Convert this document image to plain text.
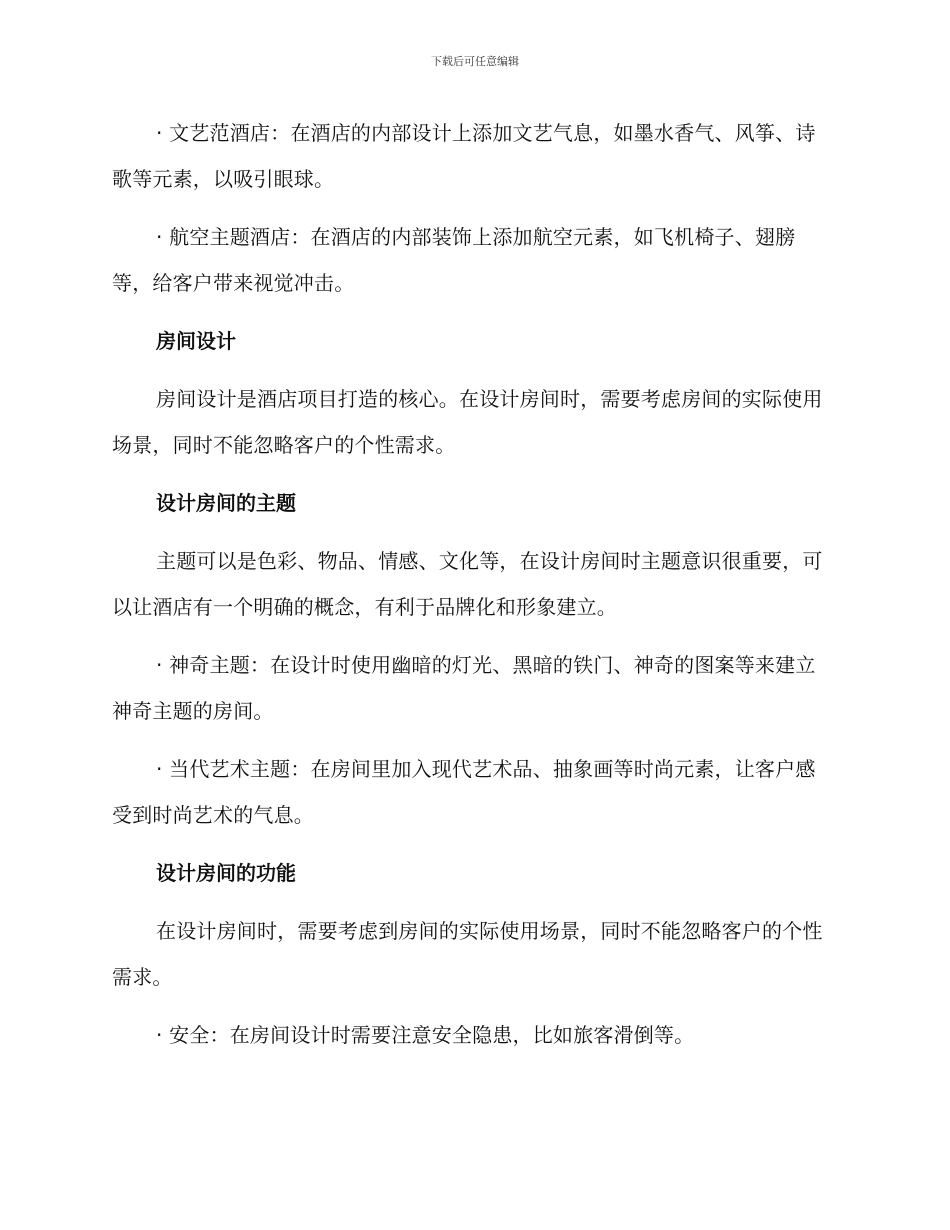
下载后可任意编辑

· 文艺范酒店：在酒店的内部设计上添加文艺气息，如墨水香气、风筝、诗歌等元素，以吸引眼球。

· 航空主题酒店：在酒店的内部装饰上添加航空元素，如飞机椅子、翅膀等，给客户带来视觉冲击。

房间设计

房间设计是酒店项目打造的核心。在设计房间时，需要考虑房间的实际使用场景，同时不能忽略客户的个性需求。

设计房间的主题

主题可以是色彩、物品、情感、文化等，在设计房间时主题意识很重要，可以让酒店有一个明确的概念，有利于品牌化和形象建立。

· 神奇主题：在设计时使用幽暗的灯光、黑暗的铁门、神奇的图案等来建立神奇主题的房间。

· 当代艺术主题：在房间里加入现代艺术品、抽象画等时尚元素，让客户感受到时尚艺术的气息。

设计房间的功能

在设计房间时，需要考虑到房间的实际使用场景，同时不能忽略客户的个性需求。

· 安全：在房间设计时需要注意安全隐患，比如旅客滑倒等。
